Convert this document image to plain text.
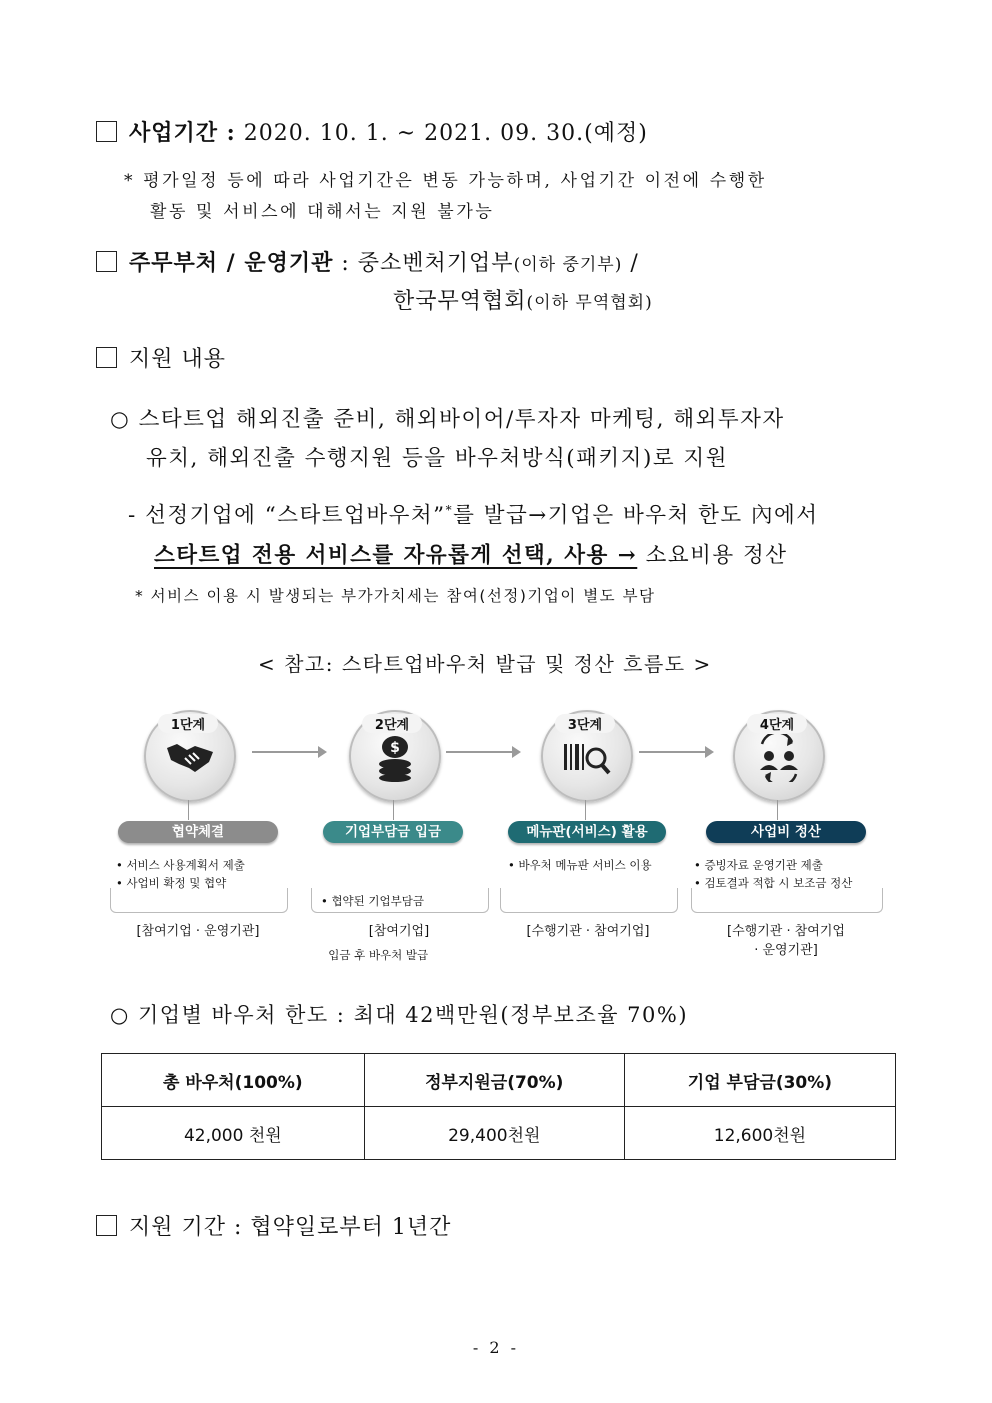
사업기간 : 2020. 10. 1. ~ 2021. 09. 30.(예정)
* 평가일정 등에 따라 사업기간은 변동 가능하며, 사업기간 이전에 수행한
활동 및 서비스에 대해서는 지원 불가능
주무부처 / 운영기관 : 중소벤처기업부(이하 중기부) /
한국무역협회(이하 무역협회)
지원 내용
○ 스타트업 해외진출 준비, 해외바이어/투자자 마케팅, 해외투자자
유치, 해외진출 수행지원 등을 바우처방식(패키지)로 지원
- 선정기업에 “스타트업바우처”*를 발급→기업은 바우처 한도 內에서
스타트업 전용 서비스를 자유롭게 선택, 사용 → 소요비용 정산
* 서비스 이용 시 발생되는 부가가치세는 참여(선정)기업이 별도 부담
< 참고: 스타트업바우처 발급 및 정산 흐름도 >
1단계
$
2단계	3단계	4단계
협약체결	기업부담금 입금	메뉴판(서비스) 활용	사업비 정산
• 서비스 사용계획서 제출
• 사업비 확정 및 협약

• 협약된 기업부담금

입금 후 바우처 발급

• 바우처 메뉴판 서비스 이용	• 증빙자료 운영기관 제출
• 검토결과 적합 시 보조금 정산
[참여기업 · 운영기관]	[참여기업]	[수행기관 · 참여기업]	[수행기관 · 참여기업
· 운영기관]
○ 기업별 바우처 한도 : 최대 42백만원(정부보조율 70%)
총 바우처(100%)	정부지원금(70%)	기업 부담금(30%)
42,000 천원	29,400천원	12,600천원
지원 기간 : 협약일로부터 1년간
- 2 -
